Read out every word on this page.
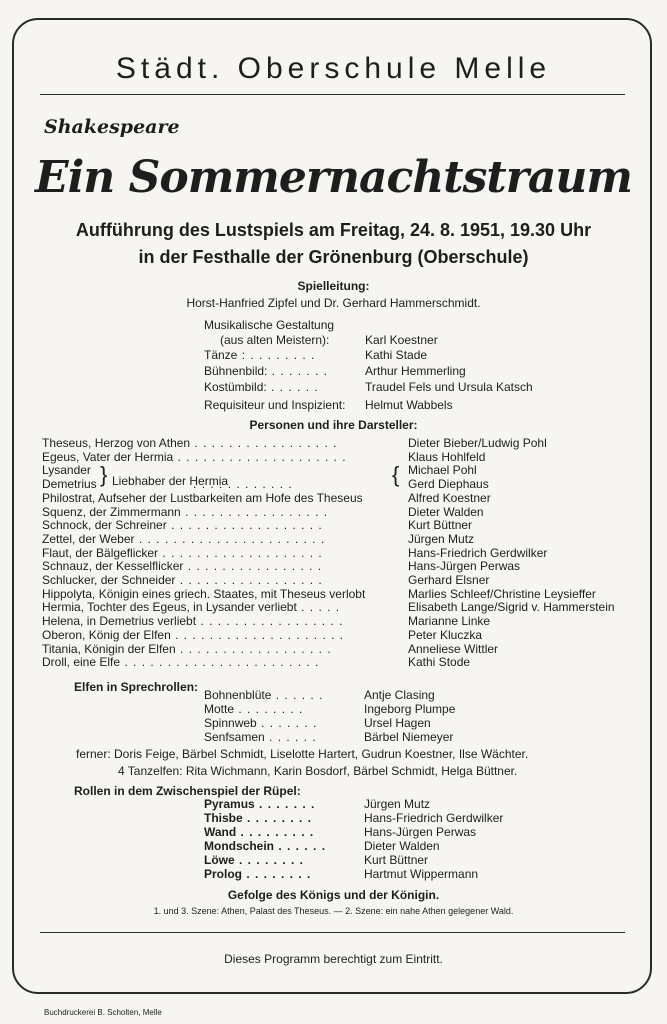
Städt. Oberschule Melle
Shakespeare
Ein Sommernachtstraum
Aufführung des Lustspiels am Freitag, 24. 8. 1951, 19.30 Uhr
in der Festhalle der Grönenburg (Oberschule)
Spielleitung:
Horst-Hanfried Zipfel und Dr. Gerhard Hammerschmidt.
Musikalische Gestaltung
(aus alten Meistern):	Karl Koestner
Tänze : . . . . . . . .	Kathi Stade
Bühnenbild: . . . . . . .	Arthur Hemmerling
Kostümbild: . . . . . .	Traudel Fels und Ursula Katsch
Requisiteur und Inspizient: Helmut Wabbels
Personen und ihre Darsteller:
Theseus, Herzog von Athen . . . . . . . . . . . . . . . . .	Dieter Bieber/Ludwig Pohl
Egeus, Vater der Hermia . . . . . . . . . . . . . . . . . . . .	Klaus Hohlfeld
Lysander	Michael Pohl
Demetrius	. . . . . . . . . . . .	Gerd Diephaus
Philostrat, Aufseher der Lustbarkeiten am Hofe des Theseus	Alfred Koestner
Squenz, der Zimmermann . . . . . . . . . . . . . . . . .	Dieter Walden
Schnock, der Schreiner . . . . . . . . . . . . . . . . . .	Kurt Büttner
Zettel, der Weber . . . . . . . . . . . . . . . . . . . . . .	Jürgen Mutz
Flaut, der Bälgeflicker . . . . . . . . . . . . . . . . . . .	Hans-Friedrich Gerdwilker
Schnauz, der Kesselflicker . . . . . . . . . . . . . . . .	Hans-Jürgen Perwas
Schlucker, der Schneider . . . . . . . . . . . . . . . . .	Gerhard Elsner
Hippolyta, Königin eines griech. Staates, mit Theseus verlobt	Marlies Schleef/Christine Leysieffer
Hermia, Tochter des Egeus, in Lysander verliebt . . . . .	Elisabeth Lange/Sigrid v. Hammerstein
Helena, in Demetrius verliebt . . . . . . . . . . . . . . . . .	Marianne Linke
Oberon, König der Elfen . . . . . . . . . . . . . . . . . . . .	Peter Kluczka
Titania, Königin der Elfen . . . . . . . . . . . . . . . . . .	Anneliese Wittler
Droll, eine Elfe . . . . . . . . . . . . . . . . . . . . . . .	Kathi Stode
Liebhaber der Hermia
}	{
Elfen in Sprechrollen:
Bohnenblüte . . . . . .	Antje Clasing
Motte . . . . . . . .	Ingeborg Plumpe
Spinnweb . . . . . . .	Ursel Hagen
Senfsamen . . . . . .	Bärbel Niemeyer
ferner: Doris Feige, Bärbel Schmidt, Liselotte Hartert, Gudrun Koestner, Ilse Wächter.
4 Tanzelfen: Rita Wichmann, Karin Bosdorf, Bärbel Schmidt, Helga Büttner.
Rollen in dem Zwischenspiel der Rüpel:
Pyramus . . . . . . .	Jürgen Mutz
Thisbe . . . . . . . .	Hans-Friedrich Gerdwilker
Wand . . . . . . . . .	Hans-Jürgen Perwas
Mondschein . . . . . .	Dieter Walden
Löwe . . . . . . . .	Kurt Büttner
Prolog . . . . . . . .	Hartmut Wippermann
Gefolge des Königs und der Königin.
1. und 3. Szene: Athen, Palast des Theseus. — 2. Szene: ein nahe Athen gelegener Wald.
Dieses Programm berechtigt zum Eintritt.
Buchdruckerei B. Scholten, Melle
